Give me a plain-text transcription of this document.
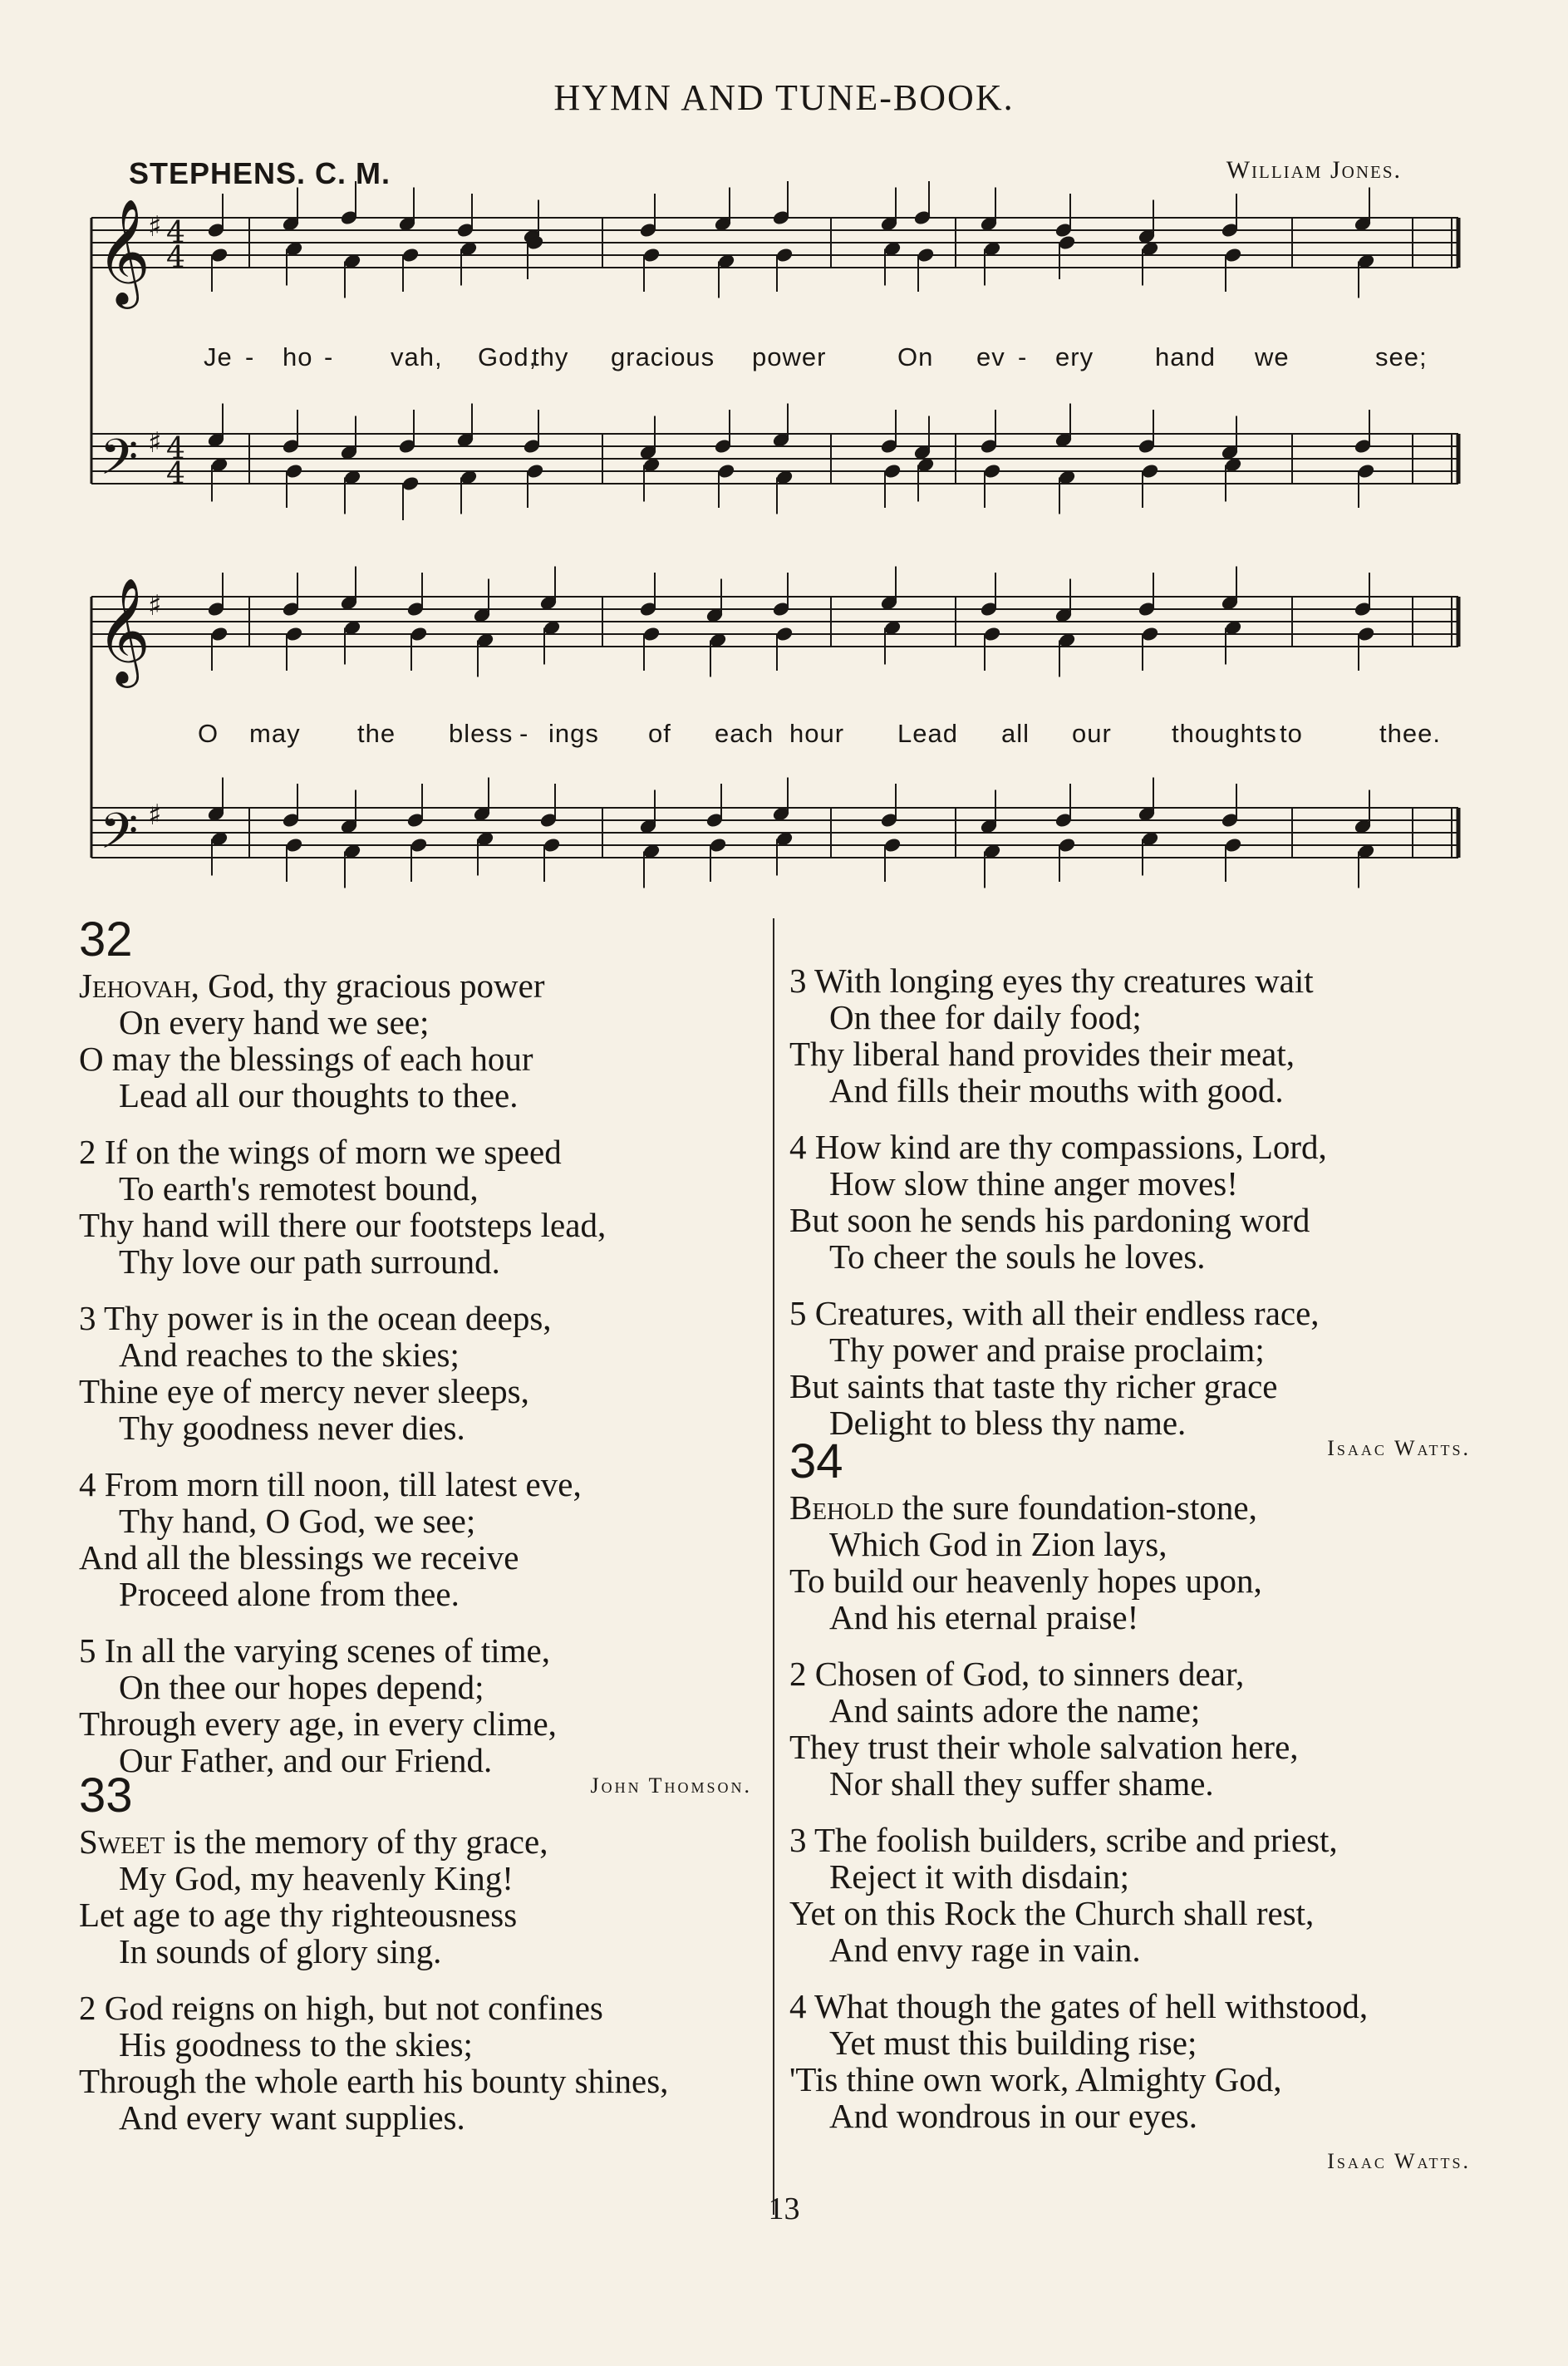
HYMN AND TUNE-BOOK.
STEPHENS. C. M.	William Jones.
𝄞
𝄢
𝄞
𝄢
4
4
♯
4
4
♯
♯
♯
Je - ho - vah, God,
thy gracious power	On ev - ery hand we	see;
O may the bless - ings of each hour Lead all our thoughts to	thee.
32
Jehovah, God, thy gracious power
On every hand we see;
O may the blessings of each hour
Lead all our thoughts to thee.
2 If on the wings of morn we speed
To earth's remotest bound,
Thy hand will there our footsteps lead,
Thy love our path surround.
3 Thy power is in the ocean deeps,
And reaches to the skies;
Thine eye of mercy never sleeps,
Thy goodness never dies.
4 From morn till noon, till latest eve,
Thy hand, O God, we see;
And all the blessings we receive
Proceed alone from thee.
5 In all the varying scenes of time,
On thee our hopes depend;
Through every age, in every clime,
Our Father, and our Friend.
John Thomson.
33
Sweet is the memory of thy grace,
My God, my heavenly King!
Let age to age thy righteousness
In sounds of glory sing.
2 God reigns on high, but not confines
His goodness to the skies;
Through the whole earth his bounty shines,
And every want supplies.
3 With longing eyes thy creatures wait
On thee for daily food;
Thy liberal hand provides their meat,
And fills their mouths with good.
4 How kind are thy compassions, Lord,
How slow thine anger moves!
But soon he sends his pardoning word
To cheer the souls he loves.
5 Creatures, with all their endless race,
Thy power and praise proclaim;
But saints that taste thy richer grace
Delight to bless thy name.
Isaac Watts.
34
Behold the sure foundation-stone,
Which God in Zion lays,
To build our heavenly hopes upon,
And his eternal praise!
2 Chosen of God, to sinners dear,
And saints adore the name;
They trust their whole salvation here,
Nor shall they suffer shame.
3 The foolish builders, scribe and priest,
Reject it with disdain;
Yet on this Rock the Church shall rest,
And envy rage in vain.
4 What though the gates of hell withstood,
Yet must this building rise;
'Tis thine own work, Almighty God,
And wondrous in our eyes.
Isaac Watts.
13
